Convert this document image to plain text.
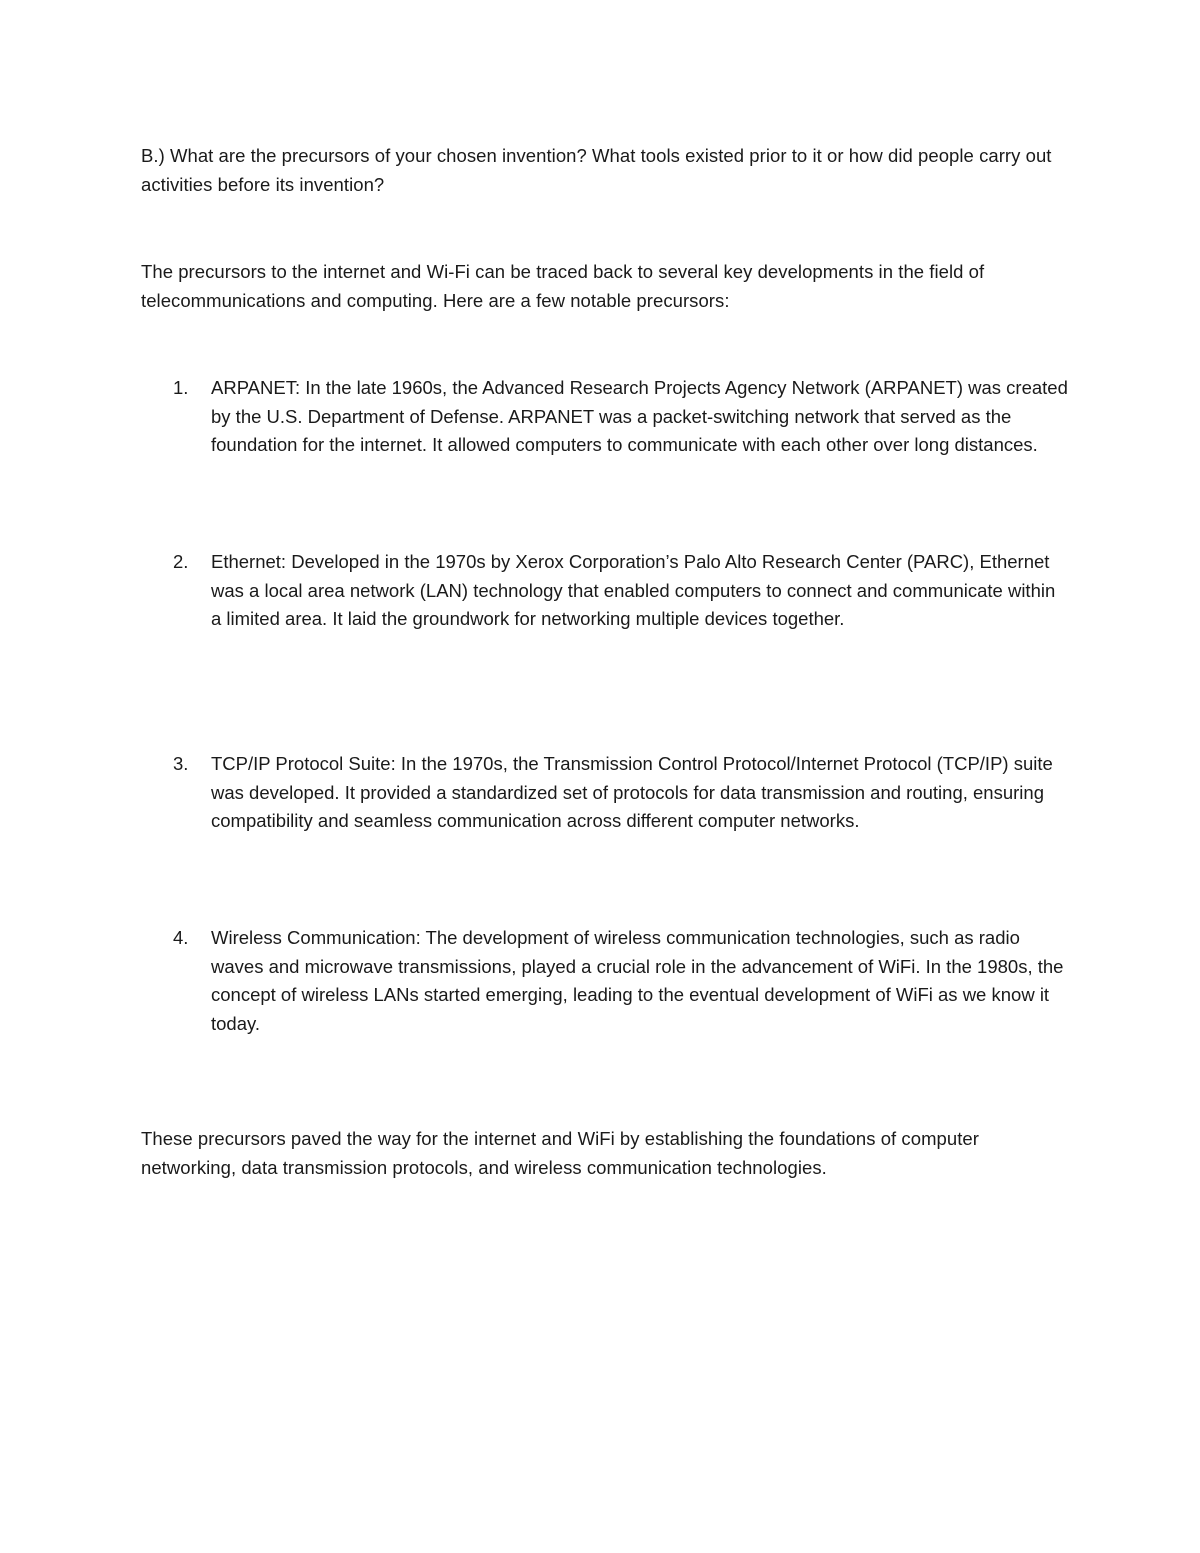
B.) What are the precursors of your chosen invention? What tools existed prior to it or how did people carry out activities before its invention?

The precursors to the internet and Wi-Fi can be traced back to several key developments in the field of telecommunications and computing. Here are a few notable precursors:

1.	ARPANET: In the late 1960s, the Advanced Research Projects Agency Network (ARPANET) was created by the U.S. Department of Defense. ARPANET was a packet-switching network that served as the foundation for the internet. It allowed computers to communicate with each other over long distances.
2.	Ethernet: Developed in the 1970s by Xerox Corporation’s Palo Alto Research Center (PARC), Ethernet was a local area network (LAN) technology that enabled computers to connect and communicate within a limited area. It laid the groundwork for networking multiple devices together.
3.	TCP/IP Protocol Suite: In the 1970s, the Transmission Control Protocol/Internet Protocol (TCP/IP) suite was developed. It provided a standardized set of protocols for data transmission and routing, ensuring compatibility and seamless communication across different computer networks.
4.	Wireless Communication: The development of wireless communication technologies, such as radio waves and microwave transmissions, played a crucial role in the advancement of WiFi. In the 1980s, the concept of wireless LANs started emerging, leading to the eventual development of WiFi as we know it today.

These precursors paved the way for the internet and WiFi by establishing the foundations of computer networking, data transmission protocols, and wireless communication technologies.
